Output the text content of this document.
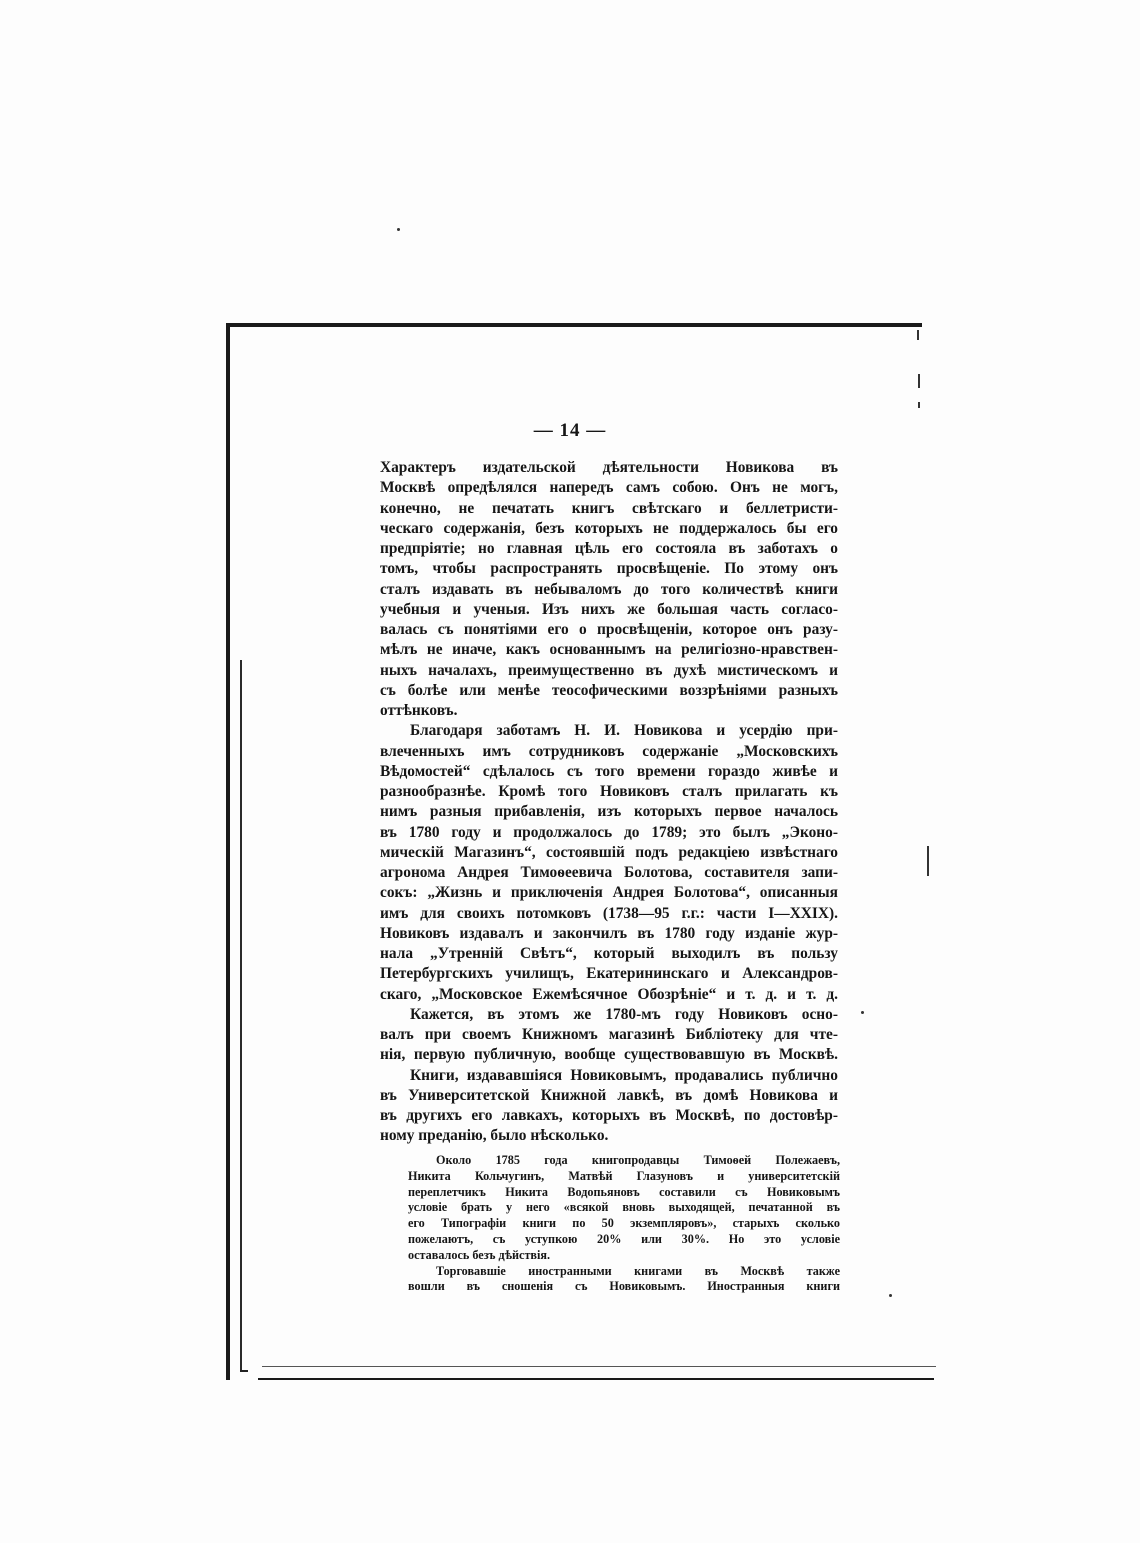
— 14 —

Характеръ издательской дѣятельности Новикова въ
Москвѣ опредѣлялся напередъ самъ собою. Онъ не могъ,
конечно, не печатать книгъ свѣтскаго и беллетристи-
ческаго содержанія, безъ которыхъ не поддержалось бы его
предпріятіе; но главная цѣль его состояла въ заботахъ о
томъ, чтобы распространять просвѣщеніе. По этому онъ
сталъ издавать въ небываломъ до того количествѣ книги
учебныя и ученыя. Изъ нихъ же большая часть согласо-
валась съ понятіями его о просвѣщеніи, которое онъ разу-
мѣлъ не иначе, какъ основаннымъ на религіозно-нравствен-
ныхъ началахъ, преимущественно въ духѣ мистическомъ и
съ болѣе или менѣе теософическими воззрѣніями разныхъ
оттѣнковъ.

Благодаря заботамъ Н. И. Новикова и усердію при-
влеченныхъ имъ сотрудниковъ содержаніе „Московскихъ
Вѣдомостей“ сдѣлалось съ того времени гораздо живѣе и
разнообразнѣе. Кромѣ того Новиковъ сталъ прилагать къ
нимъ разныя прибавленія, изъ которыхъ первое началось
въ 1780 году и продолжалось до 1789; это былъ „Эконо-
мическій Магазинъ“, состоявшій подъ редакціею извѣстнаго
агронома Андрея Тимоѳеевича Болотова, составителя запи-
сокъ: „Жизнь и приключенія Андрея Болотова“, описанныя
имъ для своихъ потомковъ (1738—95 г.г.: части I—XXIX).
Новиковъ издавалъ и закончилъ въ 1780 году изданіе жур-
нала „Утренній Свѣтъ“, который выходилъ въ пользу
Петербургскихъ училищъ, Екатерининскаго и Александров-
скаго, „Московское Ежемѣсячное Обозрѣніе“ и т. д. и т. д.

Кажется, въ этомъ же 1780-мъ году Новиковъ осно-
валъ при своемъ Книжномъ магазинѣ Библіотеку для чте-
нія, первую публичную, вообще существовавшую въ Москвѣ.

Книги, издававшіяся Новиковымъ, продавались публично
въ Университетской Книжной лавкѣ, въ домѣ Новикова и
въ другихъ его лавкахъ, которыхъ въ Москвѣ, по достовѣр-
ному преданію, было нѣсколько.

Около 1785 года книгопродавцы Тимоѳей Полежаевъ,
Никита Кольчугинъ, Матвѣй Глазуновъ и университетскій
переплетчикъ Никита Водопьяновъ составили съ Новиковымъ
условіе брать у него «всякой вновь выходящей, печатанной въ
его Типографіи книги по 50 экземпляровъ», старыхъ сколько
пожелаютъ, съ уступкою 20% или 30%. Но это условіе
оставалось безъ дѣйствія.
Торговавшіе иностранными книгами въ Москвѣ также
вошли въ сношенія съ Новиковымъ. Иностранныя книги
